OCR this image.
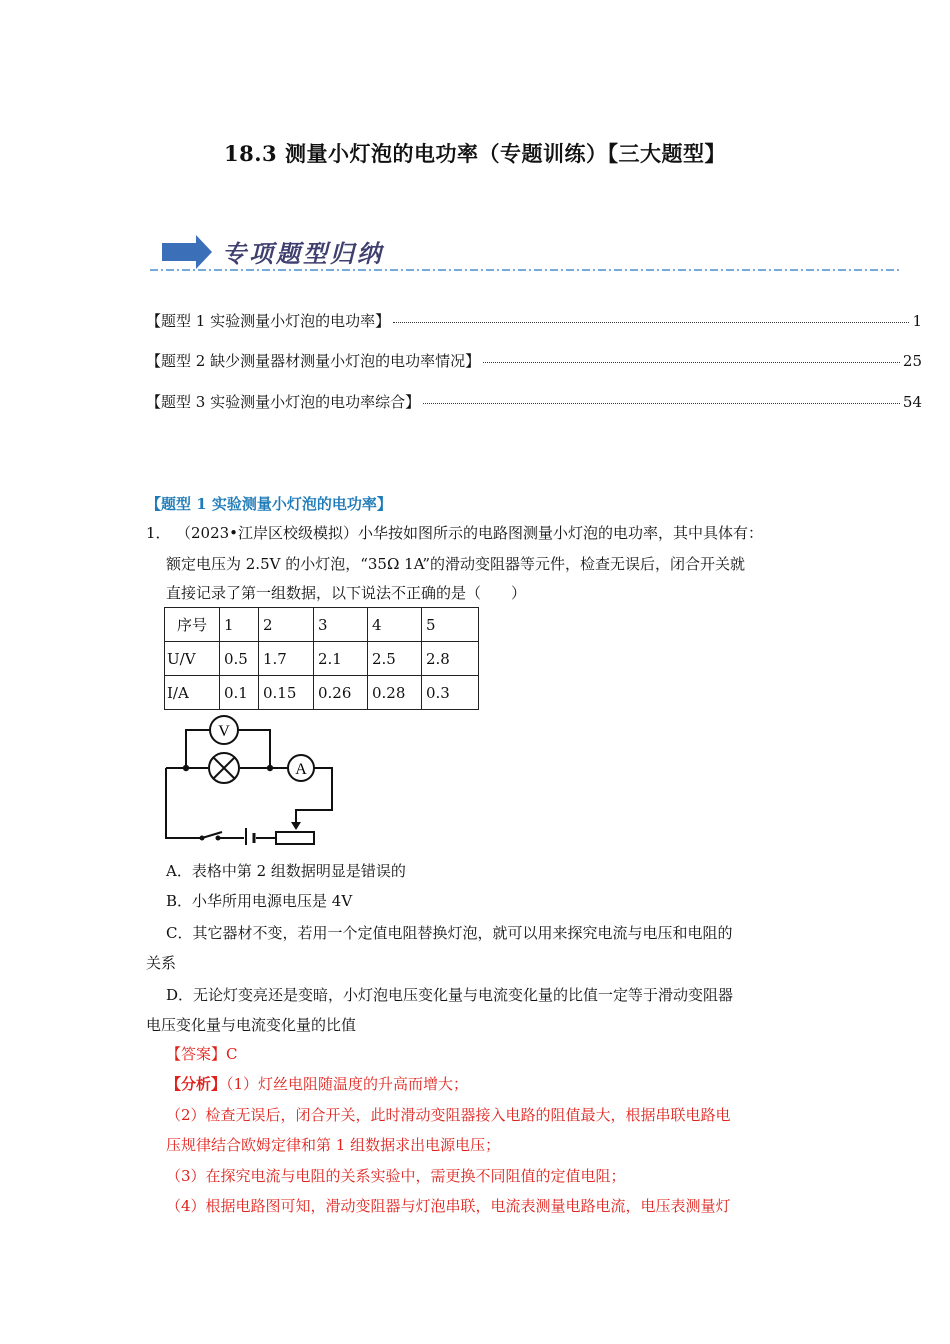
18.3 测量小灯泡的电功率（专题训练）【三大题型】
专项题型归纳
【题型 1 实验测量小灯泡的电功率】	1
【题型 2 缺少测量器材测量小灯泡的电功率情况】	25
【题型 3 实验测量小灯泡的电功率综合】	54
【题型 1 实验测量小灯泡的电功率】
1． （2023•江岸区校级模拟）小华按如图所示的电路图测量小灯泡的电功率，其中具体有：
额定电压为 2.5V 的小灯泡，“35Ω 1A”的滑动变阻器等元件，检查无误后，闭合开关就
直接记录了第一组数据，以下说法不正确的是（　　）
序号	1	2	3	4	5
U/V	0.5	1.7	2.1	2.5	2.8
I/A	0.1	0.15	0.26	0.28	0.3
V
A
A．表格中第 2 组数据明显是错误的
B．小华所用电源电压是 4V
C．其它器材不变，若用一个定值电阻替换灯泡，就可以用来探究电流与电压和电阻的
关系
D．无论灯变亮还是变暗，小灯泡电压变化量与电流变化量的比值一定等于滑动变阻器
电压变化量与电流变化量的比值
【答案】C
【分析】（1）灯丝电阻随温度的升高而增大；
（2）检查无误后，闭合开关，此时滑动变阻器接入电路的阻值最大，根据串联电路电
压规律结合欧姆定律和第 1 组数据求出电源电压；
（3）在探究电流与电阻的关系实验中，需更换不同阻值的定值电阻；
（4）根据电路图可知，滑动变阻器与灯泡串联，电流表测量电路电流，电压表测量灯
